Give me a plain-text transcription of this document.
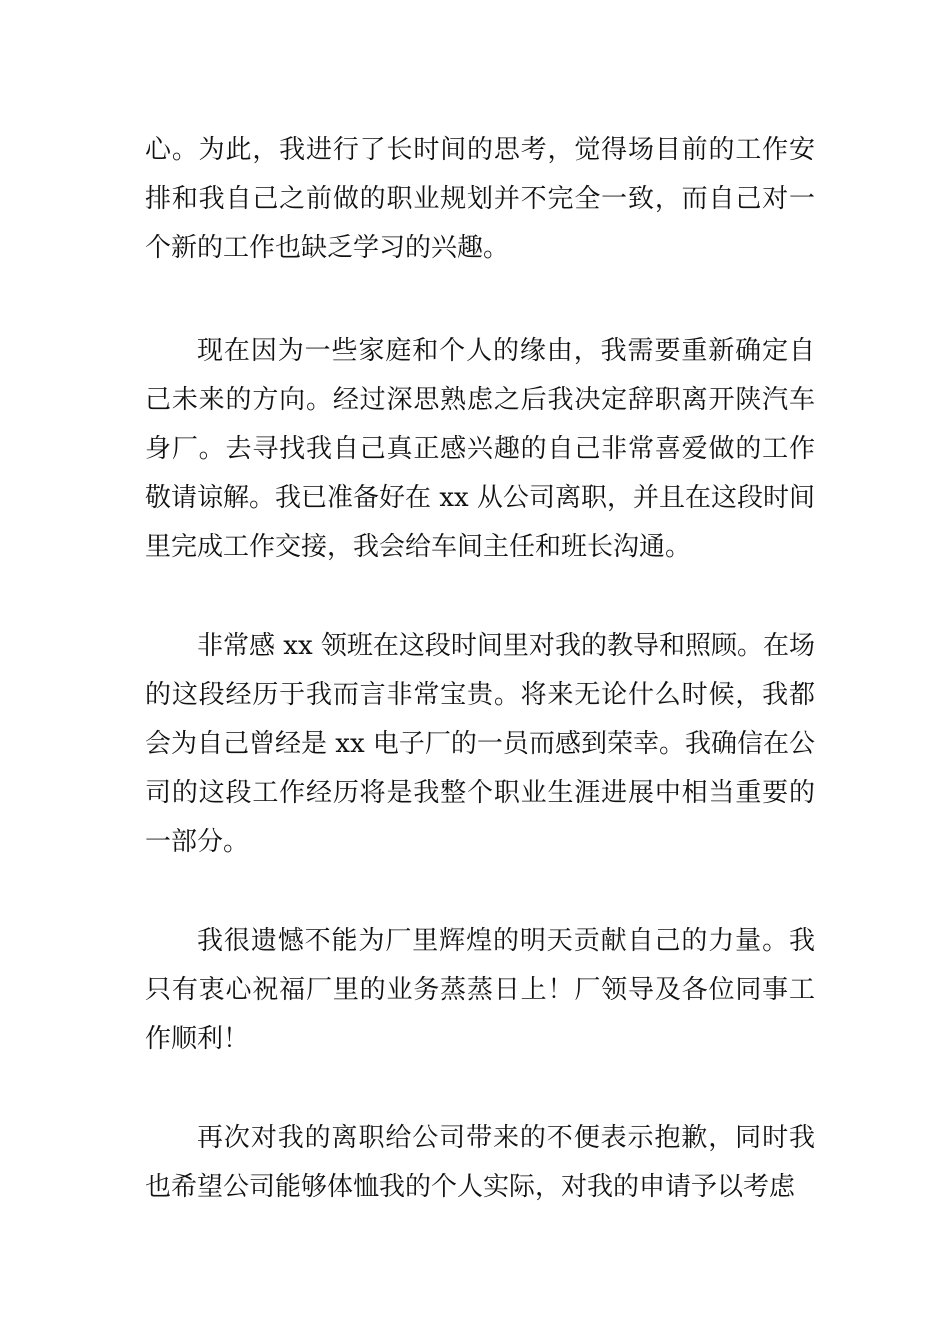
心。为此，我进行了长时间的思考，觉得场目前的工作安排和我自己之前做的职业规划并不完全一致，而自己对一个新的工作也缺乏学习的兴趣。

现在因为一些家庭和个人的缘由，我需要重新确定自己未来的方向。经过深思熟虑之后我决定辞职离开陕汽车身厂。去寻找我自己真正感兴趣的自己非常喜爱做的工作敬请谅解。我已准备好在 xx 从公司离职，并且在这段时间里完成工作交接，我会给车间主任和班长沟通。

非常感 xx 领班在这段时间里对我的教导和照顾。在场的这段经历于我而言非常宝贵。将来无论什么时候，我都会为自己曾经是 xx 电子厂的一员而感到荣幸。我确信在公司的这段工作经历将是我整个职业生涯进展中相当重要的一部分。

我很遗憾不能为厂里辉煌的明天贡献自己的力量。我只有衷心祝福厂里的业务蒸蒸日上！厂领导及各位同事工作顺利！

再次对我的离职给公司带来的不便表示抱歉，同时我也希望公司能够体恤我的个人实际，对我的申请予以考虑
